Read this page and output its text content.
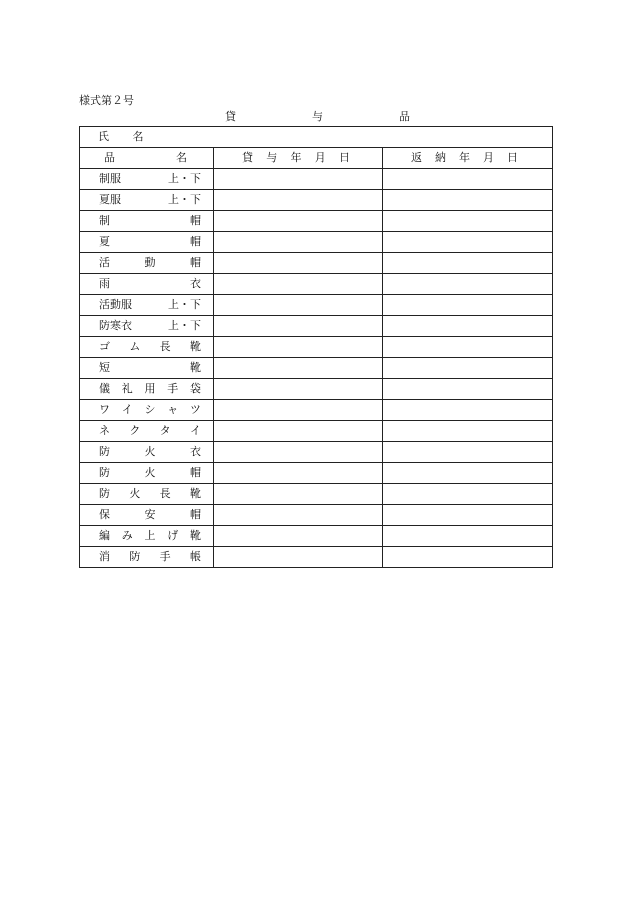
様式第２号
貸	与	品
氏 名		

品 名	貸 与 年 月 日	返 納 年 月 日

制服 上・下		

夏服 上・下		

制 帽		

夏 帽		

活 動 帽		

雨 衣		

活動服 上・下		

防寒衣 上・下		

ゴ ム 長 靴		

短 靴		

儀 礼 用 手 袋		

ワ イ シ ャ ツ		

ネ ク タ イ		

防 火 衣		

防 火 帽		

防 火 長 靴		

保 安 帽		

編 み 上 げ 靴		

消 防 手 帳		
